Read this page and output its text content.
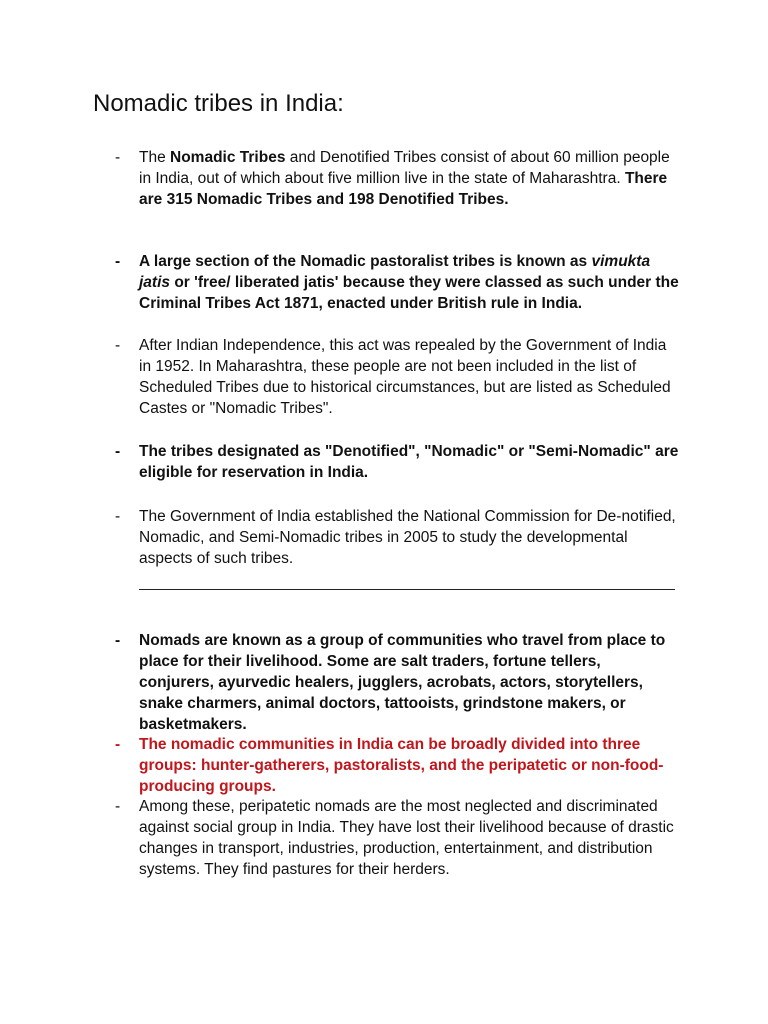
Nomadic tribes in India:

-	The Nomadic Tribes and Denotified Tribes consist of about 60 million people in India, out of which about five million live in the state of Maharashtra. There are 315 Nomadic Tribes and 198 Denotified Tribes.

-	A large section of the Nomadic pastoralist tribes is known as vimukta jatis or 'free/ liberated jatis' because they were classed as such under the Criminal Tribes Act 1871, enacted under British rule in India.

-	After Indian Independence, this act was repealed by the Government of India in 1952. In Maharashtra, these people are not been included in the list of Scheduled Tribes due to historical circumstances, but are listed as Scheduled Castes or "Nomadic Tribes".

-	The tribes designated as "Denotified", "Nomadic" or "Semi-Nomadic" are eligible for reservation in India.

-	The Government of India established the National Commission for De-notified, Nomadic, and Semi-Nomadic tribes in 2005 to study the developmental aspects of such tribes.

-	Nomads are known as a group of communities who travel from place to place for their livelihood. Some are salt traders, fortune tellers, conjurers, ayurvedic healers, jugglers, acrobats, actors, storytellers, snake charmers, animal doctors, tattooists, grindstone makers, or basketmakers.

-	The nomadic communities in India can be broadly divided into three groups: hunter-gatherers, pastoralists, and the peripatetic or non-food-producing groups.

-	Among these, peripatetic nomads are the most neglected and discriminated against social group in India. They have lost their livelihood because of drastic changes in transport, industries, production, entertainment, and distribution systems. They find pastures for their herders.
